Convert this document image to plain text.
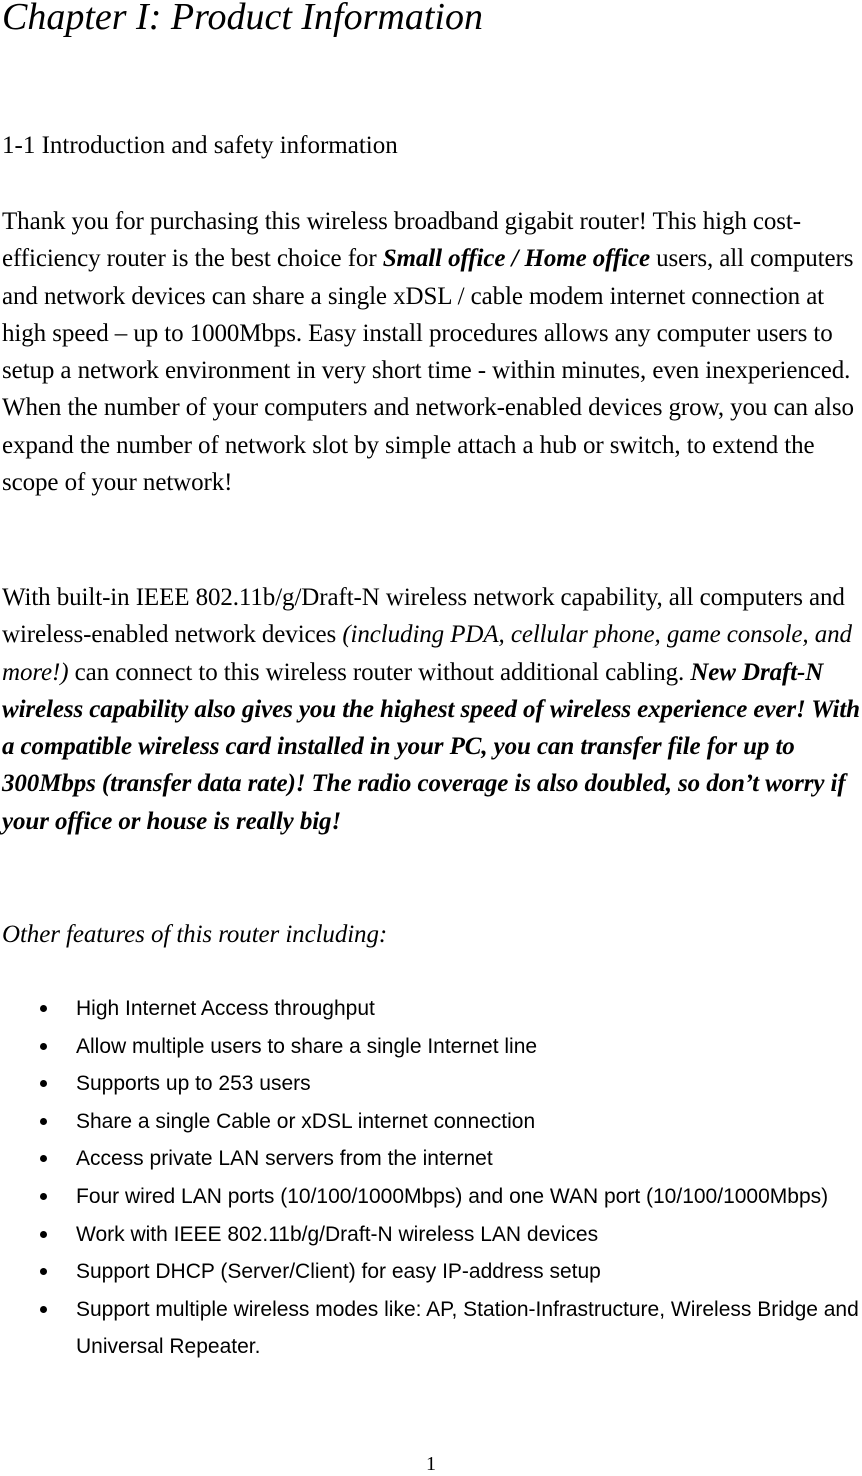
Chapter I: Product Information
1-1 Introduction and safety information

Thank you for purchasing this wireless broadband gigabit router! This high cost-efficiency router is the best choice for Small office / Home office users, all computers and network devices can share a single xDSL / cable modem internet connection at high speed – up to 1000Mbps. Easy install procedures allows any computer users to setup a network environment in very short time - within minutes, even inexperienced. When the number of your computers and network-enabled devices grow, you can also expand the number of network slot by simple attach a hub or switch, to extend the scope of your network!

With built-in IEEE 802.11b/g/Draft-N wireless network capability, all computers and wireless-enabled network devices (including PDA, cellular phone, game console, and more!) can connect to this wireless router without additional cabling. New Draft-N wireless capability also gives you the highest speed of wireless experience ever! With a compatible wireless card installed in your PC, you can transfer file for up to 300Mbps (transfer data rate)! The radio coverage is also doubled, so don’t worry if your office or house is really big!

Other features of this router including:

High Internet Access throughput
Allow multiple users to share a single Internet line
Supports up to 253 users
Share a single Cable or xDSL internet connection
Access private LAN servers from the internet
Four wired LAN ports (10/100/1000Mbps) and one WAN port (10/100/1000Mbps)
Work with IEEE 802.11b/g/Draft-N wireless LAN devices
Support DHCP (Server/Client) for easy IP-address setup
Support multiple wireless modes like: AP, Station-Infrastructure, Wireless Bridge and Universal Repeater.
1
